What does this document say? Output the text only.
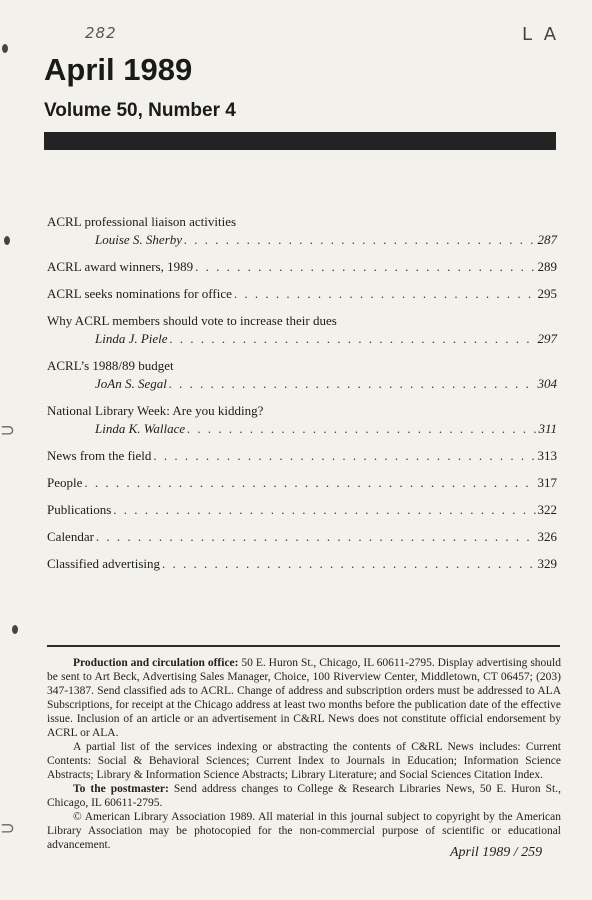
⊃
⊃
282	L A
April 1989
Volume 50, Number 4
ACRL professional liaison activities
Louise S. Sherby . . .	287
ACRL award winners, 1989 . . .	289
ACRL seeks nominations for office . . .	295
Why ACRL members should vote to increase their dues
Linda J. Piele . . .	297
ACRL’s 1988/89 budget
JoAn S. Segal . . .	304
National Library Week: Are you kidding?
Linda K. Wallace . . .	311
News from the field . . .	313
People . . .	317
Publications . . .	322
Calendar . . .	326
Classified advertising . . .	329

Production and circulation office: 50 E. Huron St., Chicago, IL 60611-2795. Display advertising should be sent to Art Beck, Advertising Sales Manager, Choice, 100 Riverview Center, Middletown, CT 06457; (203) 347-1387. Send classified ads to ACRL. Change of address and subscription orders must be addressed to ALA Subscriptions, for receipt at the Chicago address at least two months before the publication date of the effective issue. Inclusion of an article or an advertisement in C&RL News does not constitute official endorsement by ACRL or ALA.

A partial list of the services indexing or abstracting the contents of C&RL News includes: Current Contents: Social & Behavioral Sciences; Current Index to Journals in Education; Information Science Abstracts; Library & Information Science Abstracts; Library Literature; and Social Sciences Citation Index.

To the postmaster: Send address changes to College & Research Libraries News, 50 E. Huron St., Chicago, IL 60611-2795.

© American Library Association 1989. All material in this journal subject to copyright by the American Library Association may be photocopied for the non-commercial purpose of scientific or educational advancement.	April 1989 / 259
